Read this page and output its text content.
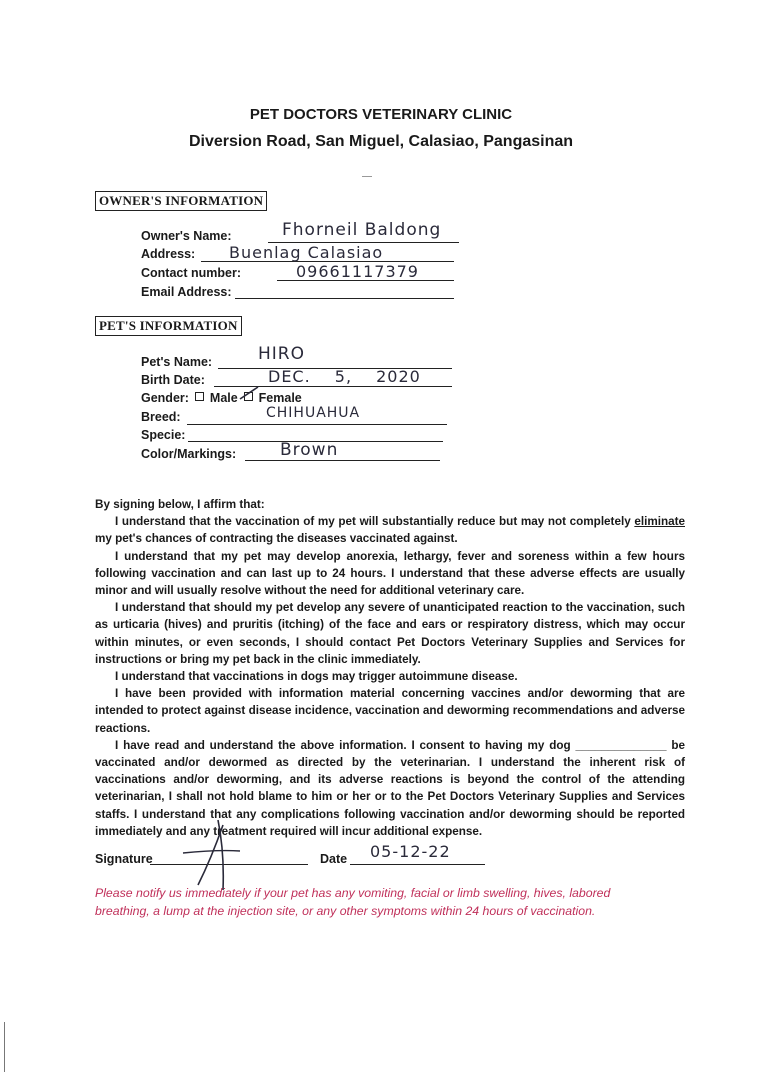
PET DOCTORS VETERINARY CLINIC
Diversion Road, San Miguel, Calasiao, Pangasinan
OWNER'S INFORMATION
Owner's Name:	Fhorneil Baldong
Address: Buenlag Calasiao
Contact number:	09661117379
Email Address:
PET'S INFORMATION
Pet's Name:	HIRO
Birth Date:	DEC. 5, 2020
Gender: Male Female
Breed:	CHIHUAHUA
Specie:
Color/Markings:	Brown

By signing below, I affirm that:

I understand that the vaccination of my pet will substantially reduce but may not completely eliminate my pet's chances of contracting the diseases vaccinated against.

I understand that my pet may develop anorexia, lethargy, fever and soreness within a few hours following vaccination and can last up to 24 hours. I understand that these adverse effects are usually minor and will usually resolve without the need for additional veterinary care.

I understand that should my pet develop any severe of unanticipated reaction to the vaccination, such as urticaria (hives) and pruritis (itching) of the face and ears or respiratory distress, which may occur within minutes, or even seconds, I should contact Pet Doctors Veterinary Supplies and Services for instructions or bring my pet back in the clinic immediately.

I understand that vaccinations in dogs may trigger autoimmune disease.

I have been provided with information material concerning vaccines and/or deworming that are intended to protect against disease incidence, vaccination and deworming recommendations and adverse reactions.

I have read and understand the above information. I consent to having my dog ______________ be vaccinated and/or dewormed as directed by the veterinarian. I understand the inherent risk of vaccinations and/or deworming, and its adverse reactions is beyond the control of the attending veterinarian, I shall not hold blame to him or her or to the Pet Doctors Veterinary Supplies and Services staffs. I understand that any complications following vaccination and/or deworming should be reported immediately and any treatment required will incur additional expense.

Signature	Date 05-12-22
Please notify us immediately if your pet has any vomiting, facial or limb swelling, hives, labored breathing, a lump at the injection site, or any other symptoms within 24 hours of vaccination.
